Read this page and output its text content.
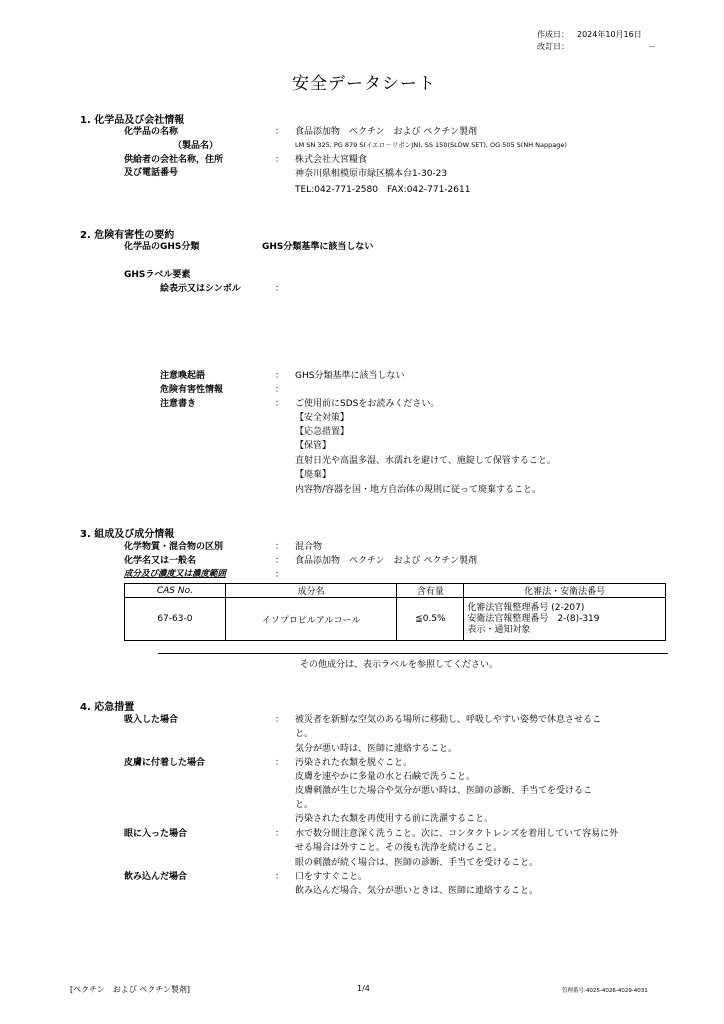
作成日： 2024年10月16日
改訂日：	－
安全データシート
1. 化学品及び会社情報
化学品の名称	： 食品添加物　ペクチン　および ペクチン製剤
（製品名）	LM SN 325, PG 879 S(イエロ－リボンJN), SS 150(SLOW SET), OG 505 S(NH Nappage)
供給者の会社名称，住所	： 株式会社大宮糧食
及び電話番号	神奈川県相模原市緑区橋本台1-30-23
TEL:042-771-2580　FAX:042-771-2611
2. 危険有害性の要約
化学品のGHS分類	GHS分類基準に該当しない
GHSラベル要素
絵表示又はシンボル	：
注意喚起語	： GHS分類基準に該当しない
危険有害性情報	：
注意書き	： ご使用前にSDSをお読みください。
【安全対策】
【応急措置】
【保管】
直射日光や高温多湿、水濡れを避けて、施錠して保管すること。
【廃棄】
内容物/容器を国・地方自治体の規則に従って廃棄すること。
3. 組成及び成分情報
化学物質・混合物の区別	： 混合物
化学名又は一般名	： 食品添加物　ペクチン　および ペクチン製剤
成分及び濃度又は濃度範囲	：
CAS No.	成分名	含有量	化審法・安衛法番号
67-63-0	イソプロピルアルコール	≦0.5%	化審法官報整理番号 (2-207)
安衛法官報整理番号　2-(8)-319
表示・通知対象
その他成分は、表示ラベルを参照してください。
4. 応急措置
吸入した場合	： 被災者を新鮮な空気のある場所に移動し、呼吸しやすい姿勢で休息させるこ
と。
気分が悪い時は、医師に連絡すること。
皮膚に付着した場合	： 汚染された衣類を脱ぐこと。
皮膚を速やかに多量の水と石鹸で洗うこと。
皮膚刺激が生じた場合や気分が悪い時は、医師の診断、手当てを受けるこ
と。
汚染された衣類を再使用する前に洗濯すること。
眼に入った場合	： 水で数分間注意深く洗うこと。次に、コンタクトレンズを着用していて容易に外
せる場合は外すこと。その後も洗浄を続けること。
眼の刺激が続く場合は、医師の診断、手当てを受けること。
飲み込んだ場合	： 口をすすぐこと。
飲み込んだ場合、気分が悪いときは、医師に連絡すること。
[ペクチン　および ペクチン製剤]	1/4	管理番号:4025-4026-4029-4031
